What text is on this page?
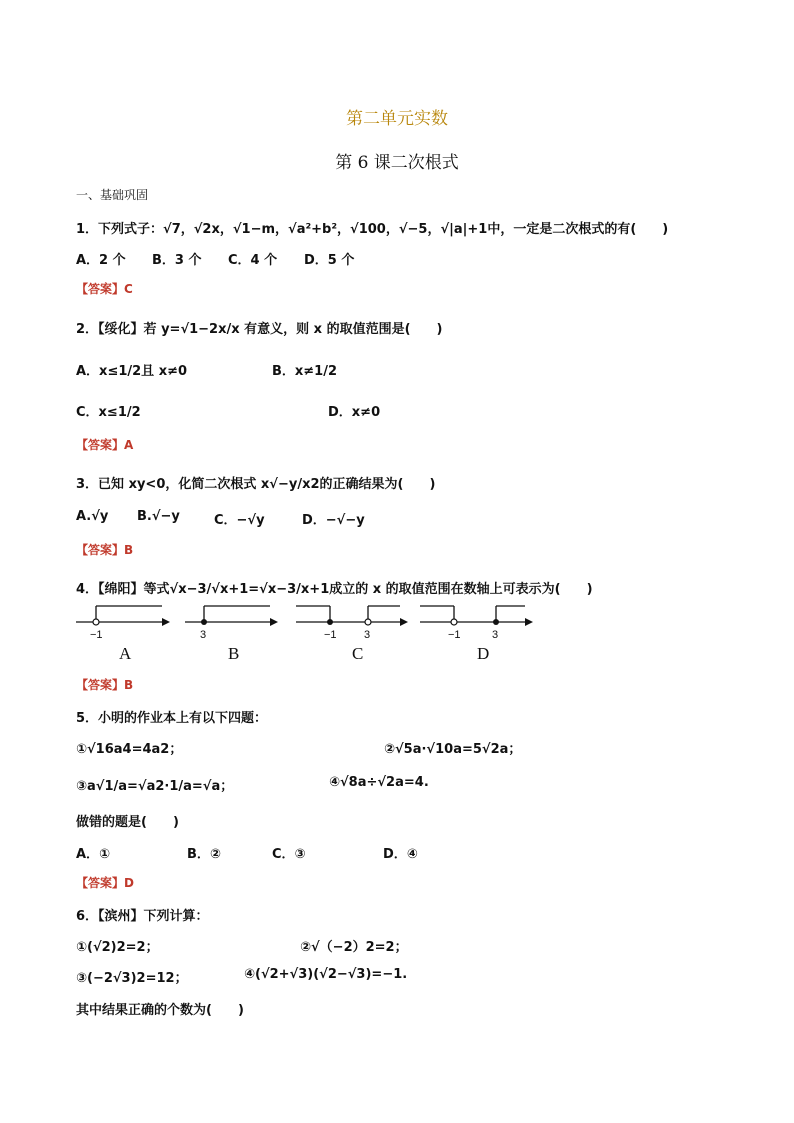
第二单元实数
第 6 课二次根式
一、基础巩固
1．下列式子：√7，√2x，√1−m，√a²+b²，√100，√−5，√|a|+1中，一定是二次根式的有(　　)
A．2 个 B．3 个 C．4 个 D．5 个
【答案】C
2．【绥化】若 y=√1−2x/x 有意义，则 x 的取值范围是(　　)
A．x≤1/2且 x≠0	B．x≠1/2
C．x≤1/2	D．x≠0
【答案】A
3．已知 xy<0，化简二次根式 x√−y/x2的正确结果为(　　)
A.√y B.√−y	C．−√y	D．−√−y
【答案】B
4．【绵阳】等式√x−3/√x+1=√x−3/x+1成立的 x 的取值范围在数轴上可表示为(　　)
−1	3	−1 3	−1	3
A	B	C	D
【答案】B
5．小明的作业本上有以下四题：
①√16a4=4a2；	②√5a·√10a=5√2a；
③a√1/a=√a2·1/a=√a；	④√8a÷√2a=4.
做错的题是(　　)
A．①	B．②	C．③	D．④
【答案】D
6．【滨州】下列计算：
①(√2)2=2；	②√（−2）2=2；
③(−2√3)2=12；	④(√2+√3)(√2−√3)=−1.
其中结果正确的个数为(　　)
